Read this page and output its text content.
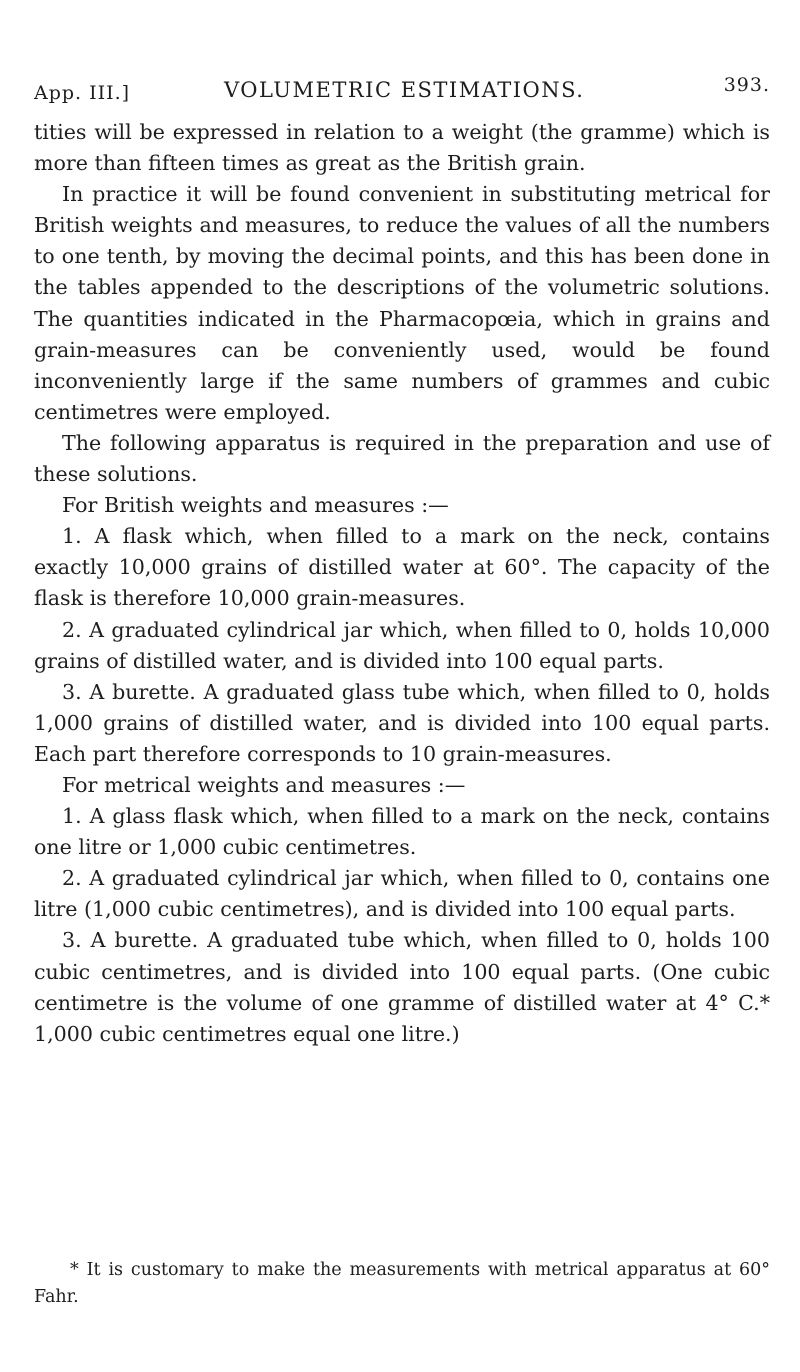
App. III.]	VOLUMETRIC ESTIMATIONS.	393.

tities will be expressed in relation to a weight (the gramme) which is more than fifteen times as great as the British grain.

In practice it will be found convenient in substituting metrical for British weights and measures, to reduce the values of all the numbers to one tenth, by moving the decimal points, and this has been done in the tables appended to the descriptions of the volumetric solutions. The quantities indicated in the Pharmacopœia, which in grains and grain-measures can be conveniently used, would be found inconveniently large if the same numbers of grammes and cubic centimetres were employed.

The following apparatus is required in the preparation and use of these solutions.

For British weights and measures :—

1. A flask which, when filled to a mark on the neck, contains exactly 10,000 grains of distilled water at 60°. The capacity of the flask is therefore 10,000 grain-measures.

2. A graduated cylindrical jar which, when filled to 0, holds 10,000 grains of distilled water, and is divided into 100 equal parts.

3. A burette. A graduated glass tube which, when filled to 0, holds 1,000 grains of distilled water, and is divided into 100 equal parts. Each part therefore corresponds to 10 grain-measures.

For metrical weights and measures :—

1. A glass flask which, when filled to a mark on the neck, contains one litre or 1,000 cubic centimetres.

2. A graduated cylindrical jar which, when filled to 0, contains one litre (1,000 cubic centimetres), and is divided into 100 equal parts.

3. A burette. A graduated tube which, when filled to 0, holds 100 cubic centimetres, and is divided into 100 equal parts. (One cubic centimetre is the volume of one gramme of distilled water at 4° C.* 1,000 cubic centimetres equal one litre.)

* It is customary to make the measurements with metrical apparatus at 60° Fahr.
